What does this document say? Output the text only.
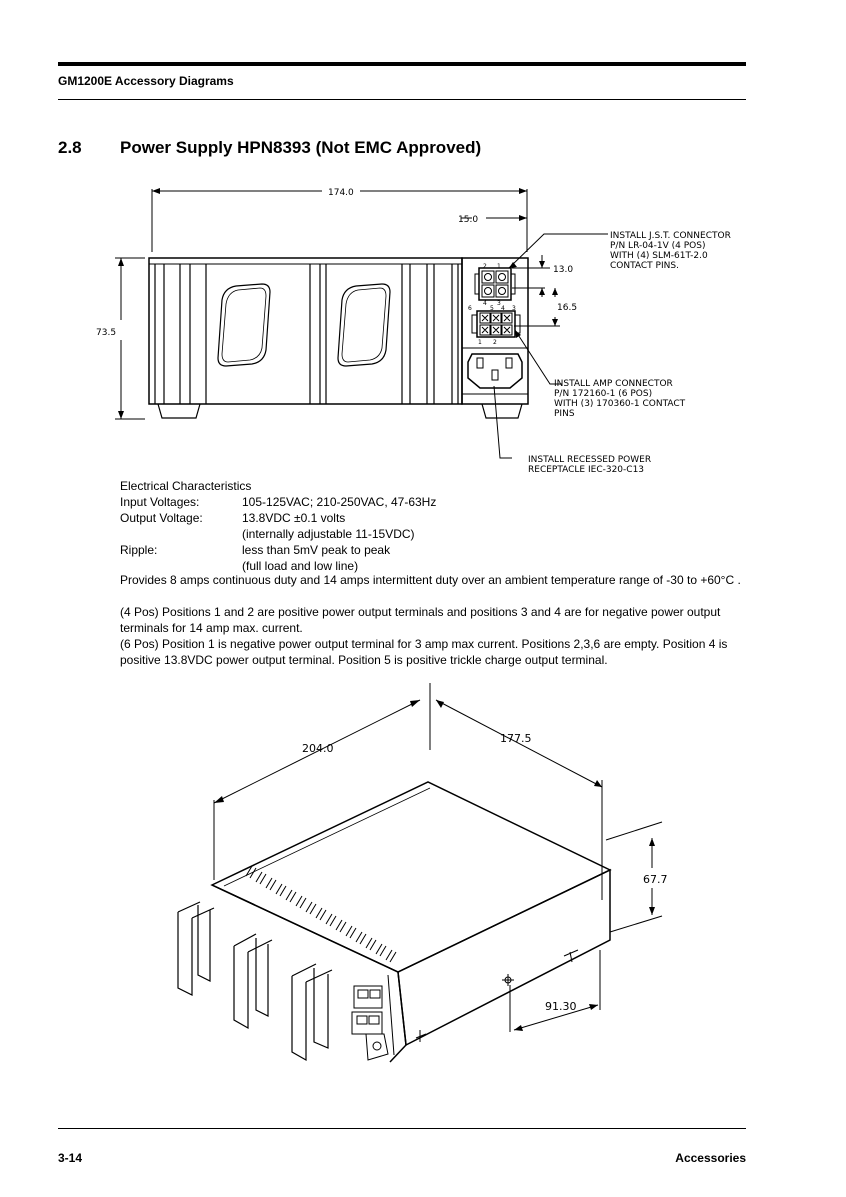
GM1200E Accessory Diagrams
2.8 Power Supply HPN8393 (Not EMC Approved)
174.0
15.0
73.5
13.0
16.5
2 1
4 3
6	5 4
1 2
3
INSTALL J.S.T. CONNECTOR
P/N LR-04-1V (4 POS)
WITH (4) SLM-61T-2.0
CONTACT PINS.
INSTALL AMP CONNECTOR
P/N 172160-1 (6 POS)
WITH (3) 170360-1 CONTACT
PINS
INSTALL RECESSED POWER
RECEPTACLE IEC-320-C13
Electrical Characteristics
Input Voltages:	105-125VAC; 210-250VAC, 47-63Hz
Output Voltage:	13.8VDC ±0.1 volts
(internally adjustable 11-15VDC)
Ripple:	less than 5mV peak to peak
(full load and low line)
Provides 8 amps continuous duty and 14 amps intermittent duty over an ambient temperature range of -30 to +60°C .
(4 Pos) Positions 1 and 2 are positive power output terminals and positions 3 and 4 are for negative power output terminals for 14 amp max. current.
(6 Pos) Position 1 is negative power output terminal for 3 amp max current. Positions 2,3,6 are empty. Position 4 is positive 13.8VDC power output terminal. Position 5 is positive trickle charge output terminal.
204.0
177.5
67.7
91.30
3-14	Accessories
